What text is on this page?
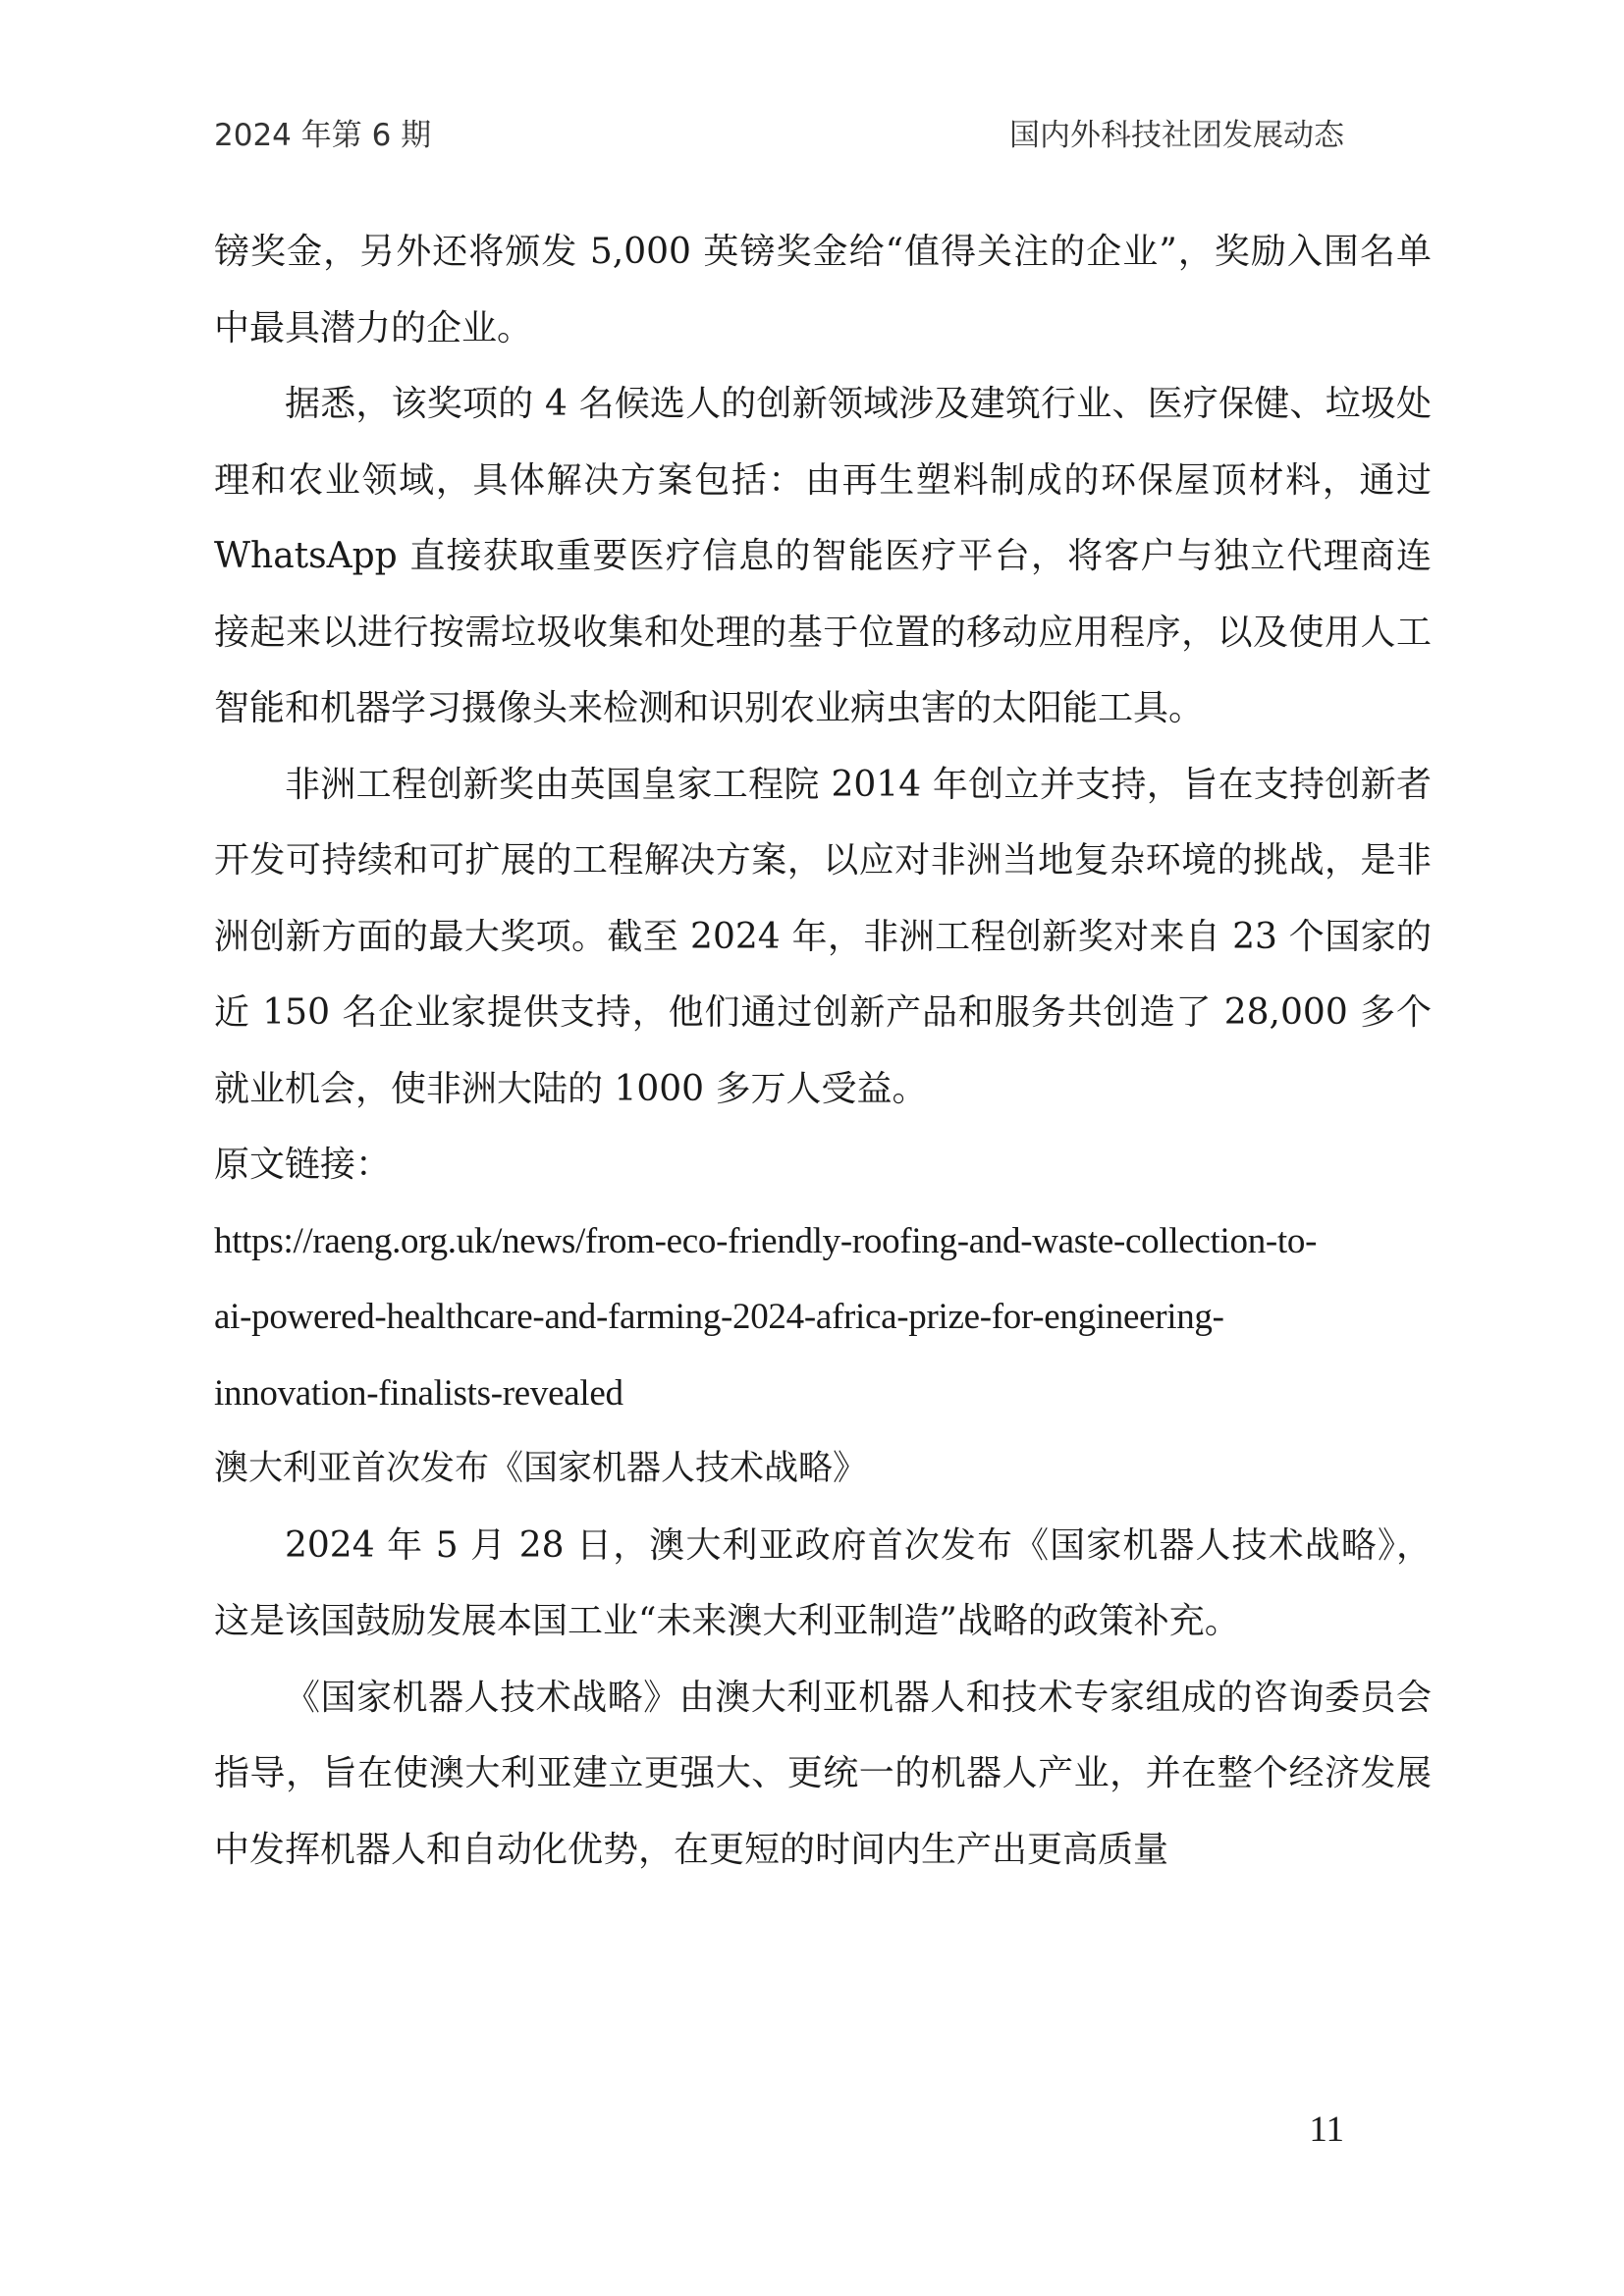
2024 年第 6 期	国内外科技社团发展动态

镑奖金，另外还将颁发 5,000 英镑奖金给“值得关注的企业”，奖励入围名单中最具潜力的企业。

据悉，该奖项的 4 名候选人的创新领域涉及建筑行业、医疗保健、垃圾处理和农业领域，具体解决方案包括：由再生塑料制成的环保屋顶材料，通过 WhatsApp 直接获取重要医疗信息的智能医疗平台，将客户与独立代理商连接起来以进行按需垃圾收集和处理的基于位置的移动应用程序，以及使用人工智能和机器学习摄像头来检测和识别农业病虫害的太阳能工具。

非洲工程创新奖由英国皇家工程院 2014 年创立并支持，旨在支持创新者开发可持续和可扩展的工程解决方案，以应对非洲当地复杂环境的挑战，是非洲创新方面的最大奖项。截至 2024 年，非洲工程创新奖对来自 23 个国家的近 150 名企业家提供支持，他们通过创新产品和服务共创造了 28,000 多个就业机会，使非洲大陆的 1000 多万人受益。

原文链接：

https://raeng.org.uk/news/from-eco-friendly-roofing-and-waste-collection-to-

ai-powered-healthcare-and-farming-2024-africa-prize-for-engineering-

innovation-finalists-revealed

澳大利亚首次发布《国家机器人技术战略》

2024 年 5 月 28 日，澳大利亚政府首次发布《国家机器人技术战略》，这是该国鼓励发展本国工业“未来澳大利亚制造”战略的政策补充。

《国家机器人技术战略》由澳大利亚机器人和技术专家组成的咨询委员会指导，旨在使澳大利亚建立更强大、更统一的机器人产业，并在整个经济发展中发挥机器人和自动化优势，在更短的时间内生产出更高质量

11
